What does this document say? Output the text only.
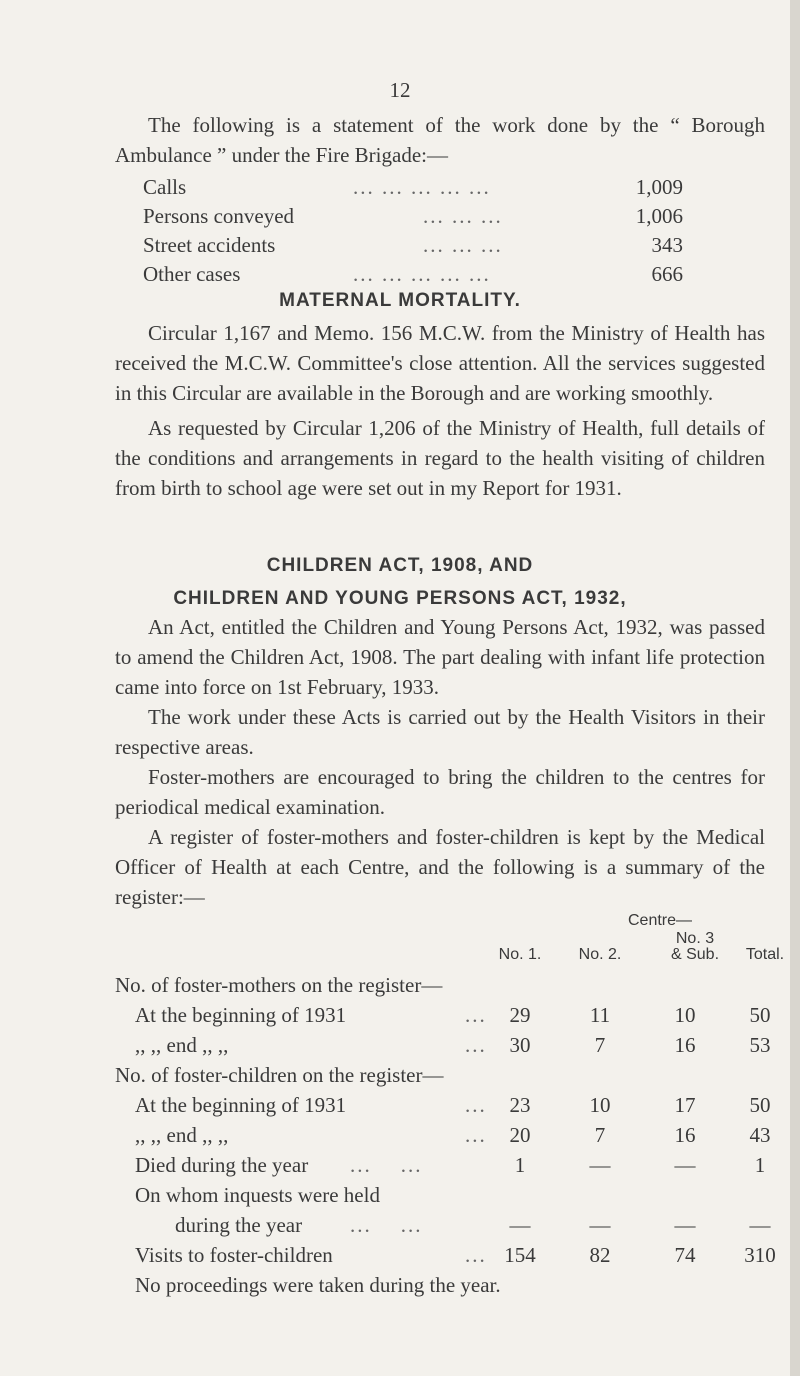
12

The following is a statement of the work done by the “ Borough Ambulance ” under the Fire Brigade:—

Calls	... ... ... ... ...	1,009
Persons conveyed	... ... ...	1,006
Street accidents	... ... ...	343
Other cases	... ... ... ... ...	666
MATERNAL MORTALITY.

Circular 1,167 and Memo. 156 M.C.W. from the Ministry of Health has received the M.C.W. Committee's close attention. All the services suggested in this Circular are available in the Borough and are working smoothly.

As requested by Circular 1,206 of the Ministry of Health, full details of the conditions and arrangements in regard to the health visiting of children from birth to school age were set out in my Report for 1931.

CHILDREN ACT, 1908, AND
CHILDREN AND YOUNG PERSONS ACT, 1932,

An Act, entitled the Children and Young Persons Act, 1932, was passed to amend the Children Act, 1908. The part dealing with infant life protection came into force on 1st February, 1933.

The work under these Acts is carried out by the Health Visitors in their respective areas.

Foster-mothers are encouraged to bring the children to the centres for periodical medical examination.

A register of foster-mothers and foster-children is kept by the Medical Officer of Health at each Centre, and the following is a summary of the register:—

Centre—
No. 3
No. 1.	No. 2.	& Sub.	Total.
No. of foster-mothers on the register—
At the beginning of 1931	...	29	11	10	50
,, ,, end ,, ,,	...	30	7	16	53
No. of foster-children on the register—
At the beginning of 1931	...	23	10	17	50
,, ,, end ,, ,,	...	20	7	16	43
Died during the year ...    ...	1	—	—	1
On whom inquests were held
during the year ...    ...	—	—	—	—
Visits to foster-children	... 154	82	74	310
No proceedings were taken during the year.
